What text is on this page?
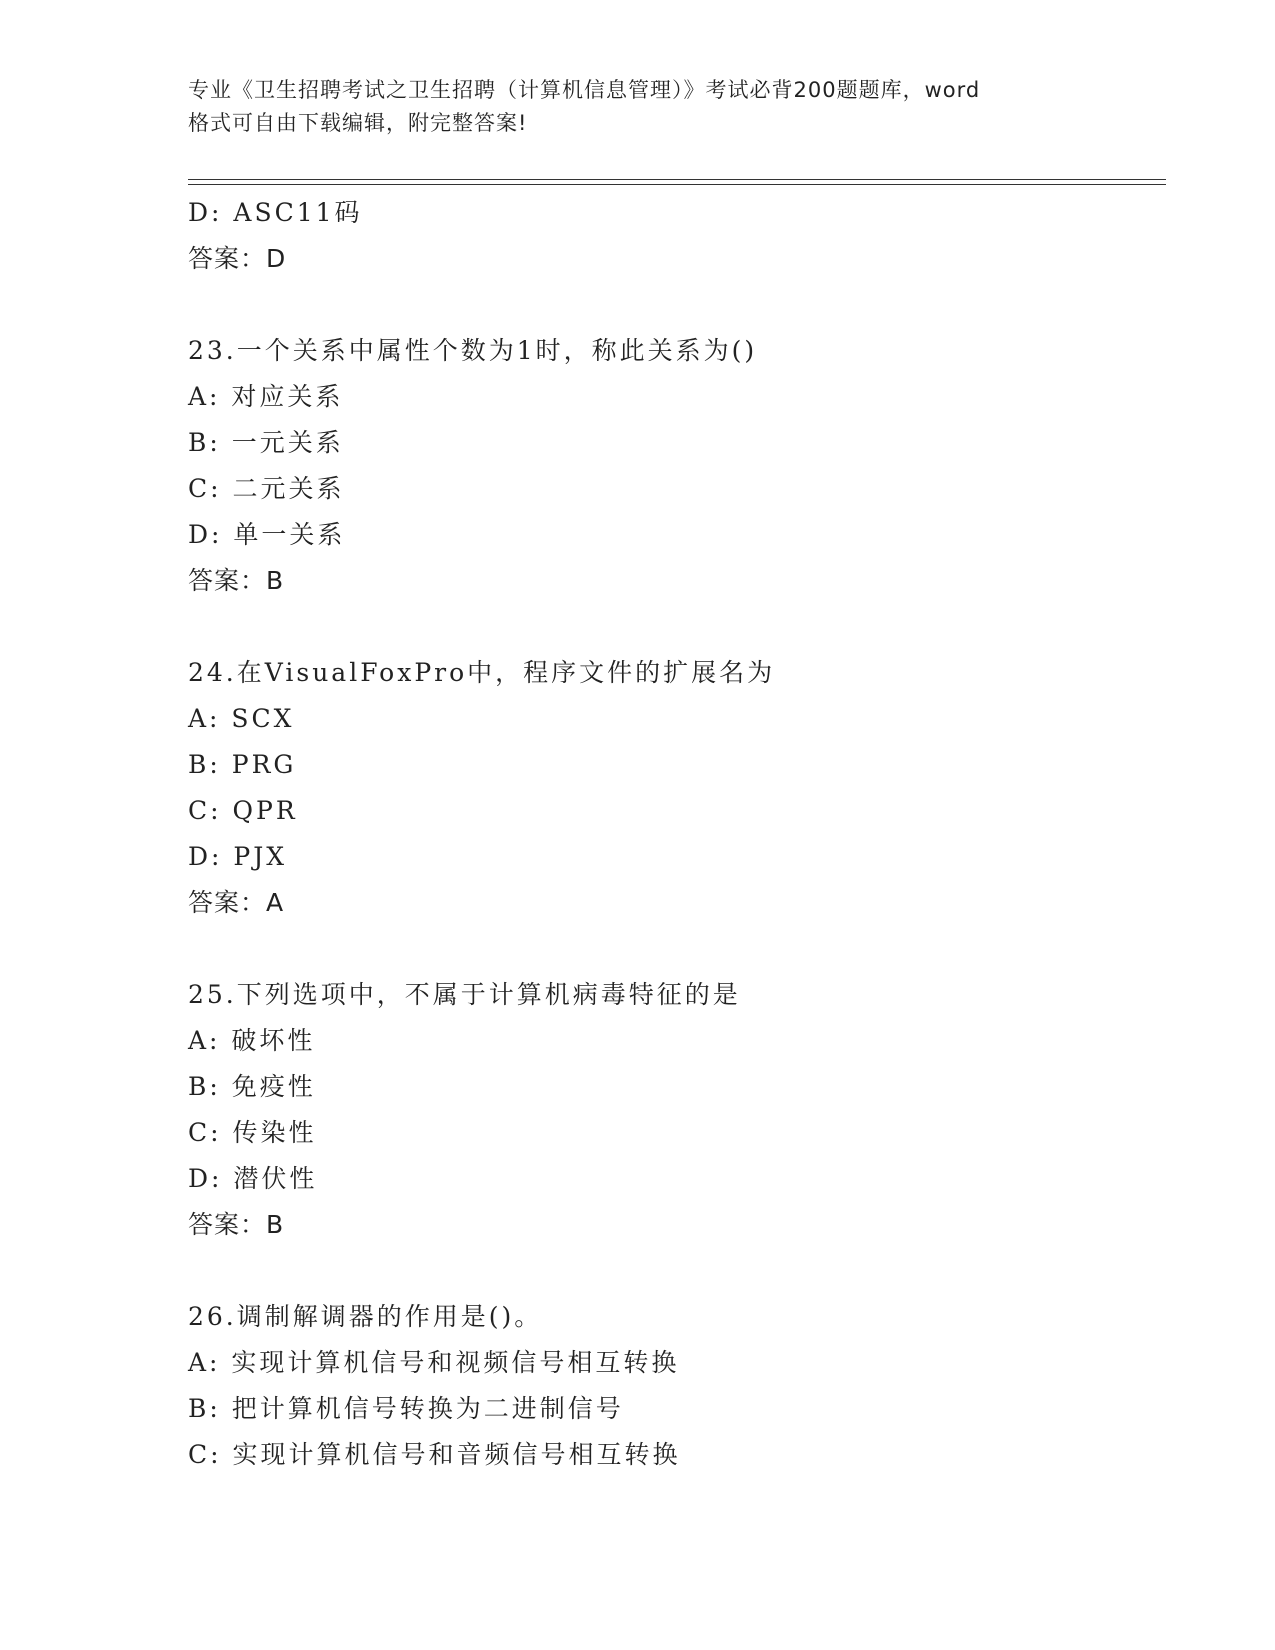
专业《卫生招聘考试之卫生招聘（计算机信息管理）》考试必背200题题库，word
格式可自由下载编辑，附完整答案!
D: ASC11码
答案：D
23.一个关系中属性个数为1时，称此关系为()
A: 对应关系
B: 一元关系
C: 二元关系
D: 单一关系
答案：B
24.在VisualFoxPro中，程序文件的扩展名为
A: SCX
B: PRG
C: QPR
D: PJX
答案：A
25.下列选项中，不属于计算机病毒特征的是
A: 破坏性
B: 免疫性
C: 传染性
D: 潜伏性
答案：B
26.调制解调器的作用是()。
A: 实现计算机信号和视频信号相互转换
B: 把计算机信号转换为二进制信号
C: 实现计算机信号和音频信号相互转换
